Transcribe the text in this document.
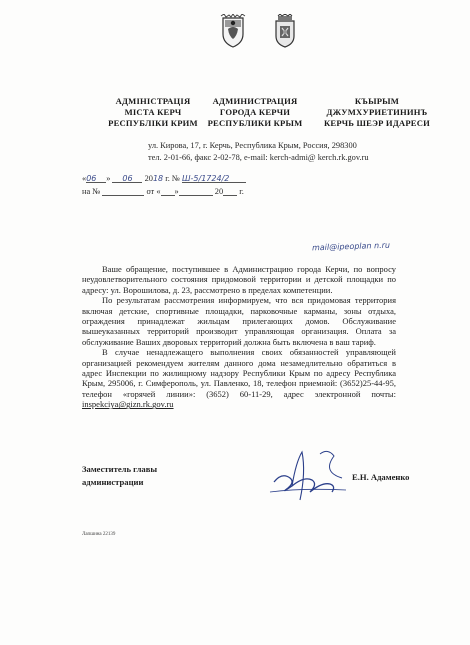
АДМІНІСТРАЦІЯ
МІСТА КЕРЧ
РЕСПУБЛІКИ КРИМ
АДМИНИСТРАЦИЯ
ГОРОДА КЕРЧИ
РЕСПУБЛИКИ КРЫМ
КЪЫРЫМ
ДЖУМХУРИЕТИНИНЪ
КЕРЧЬ ШЕЭР ИДАРЕСИ
ул. Кирова, 17, г. Керчь, Республика Крым, Россия, 298300
тел. 2-01-66, факс 2-02-78, e-mail: kerch-admi@ kerch.rk.gov.ru
«06 » 06 2018 г. № Ш-5/1724/2
на №	от « »	20 г.
mail@ipeoplan n.ru

Ваше обращение, поступившее в Администрацию города Керчи, по вопросу неудовлетворительного состояния придомовой территории и детской площадки по адресу: ул. Ворошилова, д. 23, рассмотрено в пределах компетенции.

По результатам рассмотрения информируем, что вся придомовая территория включая детские, спортивные площадки, парковочные карманы, зоны отдыха, ограждения принадлежат жильцам прилегающих домов. Обслуживание вышеуказанных территорий производит управляющая организация. Оплата за обслуживание Ваших дворовых территорий должна быть включена в ваш тариф.

В случае ненадлежащего выполнения своих обязанностей управляющей организацией рекомендуем жителям данного дома незамедлительно обратиться в адрес Инспекции по жилищному надзору Республики Крым по адресу Республика Крым, 295006, г. Симферополь, ул. Павленко, 18, телефон приемной: (3652)25-44-95, телефон «горячей линии»: (3652) 60-11-29, адрес электронной почты: inspekciya@gizn.rk.gov.ru

Заместитель главы
администрации	Е.Н. Адаменко
Лапшина 22139
